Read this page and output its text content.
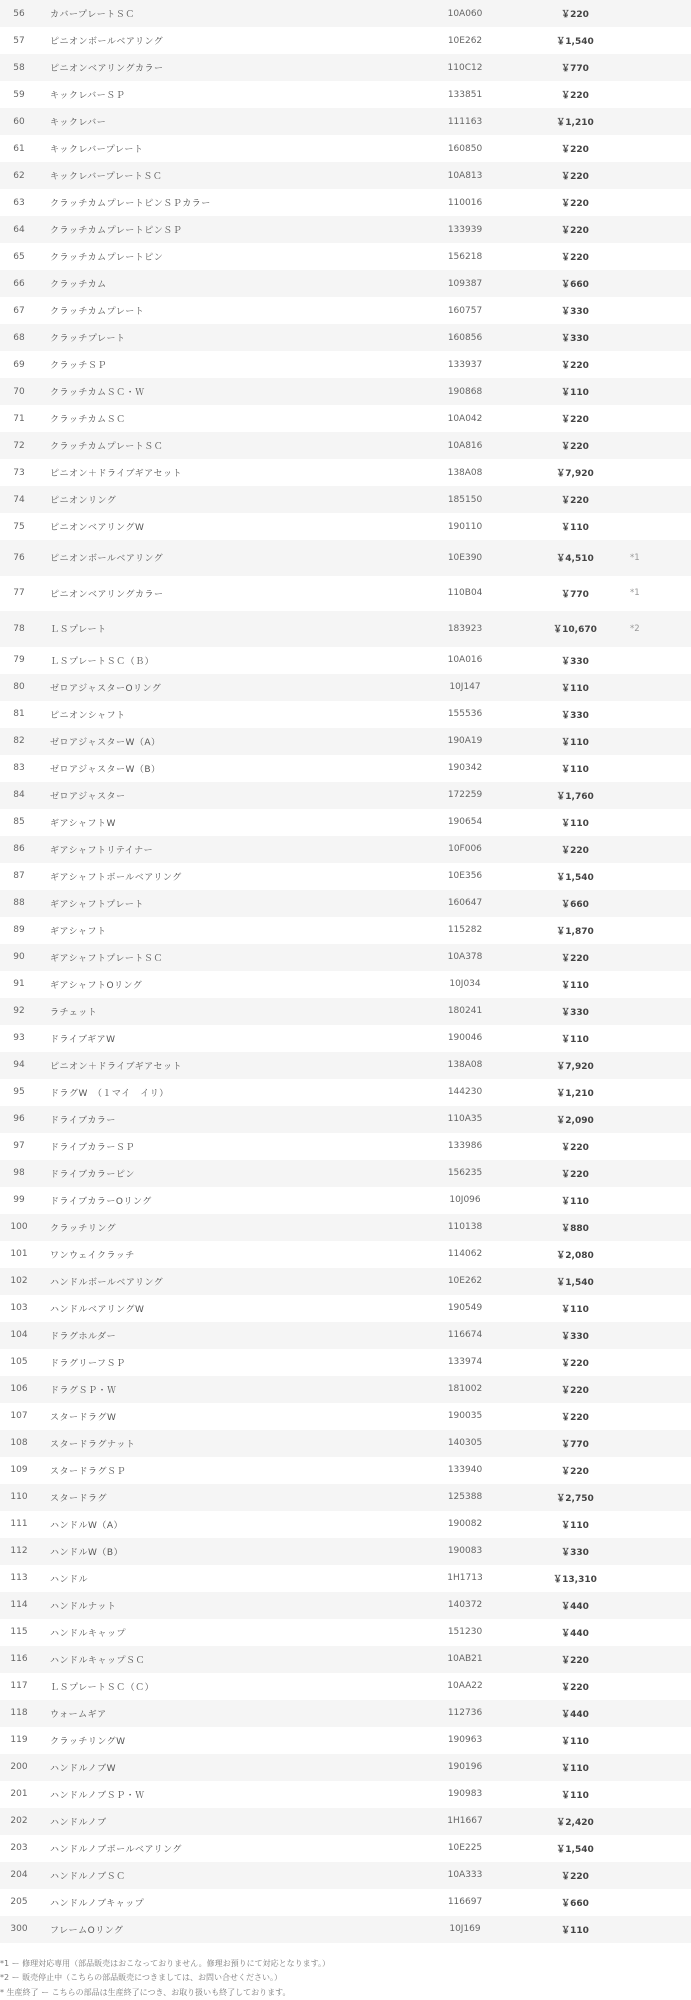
56	カバープレートＳＣ	10A060	￥220	
57	ピニオンボールベアリング	10E262	￥1,540	
58	ピニオンベアリングカラー	110C12	￥770	
59	キックレバーＳＰ	133851	￥220	
60	キックレバー	111163	￥1,210	
61	キックレバープレート	160850	￥220	
62	キックレバープレートＳＣ	10A813	￥220	
63	クラッチカムプレートピンＳＰカラー	110016	￥220	
64	クラッチカムプレートピンＳＰ	133939	￥220	
65	クラッチカムプレートピン	156218	￥220	
66	クラッチカム	109387	￥660	
67	クラッチカムプレート	160757	￥330	
68	クラッチプレート	160856	￥330	
69	クラッチＳＰ	133937	￥220	
70	クラッチカムＳＣ・Ｗ	190868	￥110	
71	クラッチカムＳＣ	10A042	￥220	
72	クラッチカムプレートＳＣ	10A816	￥220	
73	ピニオン＋ドライブギアセット	138A08	￥7,920	
74	ピニオンリング	185150	￥220	
75	ピニオンベアリングW	190110	￥110	
76	ピニオンボールベアリング	10E390	￥4,510	*1
77	ピニオンベアリングカラー	110B04	￥770	*1
78	ＬＳプレート	183923	￥10,670	*2
79	ＬＳプレートＳＣ（Ｂ）	10A016	￥330	
80	ゼロアジャスターOリング	10J147	￥110	
81	ピニオンシャフト	155536	￥330	
82	ゼロアジャスターW（A）	190A19	￥110	
83	ゼロアジャスターW（B）	190342	￥110	
84	ゼロアジャスター	172259	￥1,760	
85	ギアシャフトW	190654	￥110	
86	ギアシャフトリテイナー	10F006	￥220	
87	ギアシャフトボールベアリング	10E356	￥1,540	
88	ギアシャフトプレート	160647	￥660	
89	ギアシャフト	115282	￥1,870	
90	ギアシャフトプレートＳＣ	10A378	￥220	
91	ギアシャフトOリング	10J034	￥110	
92	ラチェット	180241	￥330	
93	ドライブギアW	190046	￥110	
94	ピニオン＋ドライブギアセット	138A08	￥7,920	
95	ドラグW　（１マイ　イリ）	144230	￥1,210	
96	ドライブカラー	110A35	￥2,090	
97	ドライブカラーＳＰ	133986	￥220	
98	ドライブカラーピン	156235	￥220	
99	ドライブカラーOリング	10J096	￥110	
100	クラッチリング	110138	￥880	
101	ワンウェイクラッチ	114062	￥2,080	
102	ハンドルボールベアリング	10E262	￥1,540	
103	ハンドルベアリングW	190549	￥110	
104	ドラグホルダー	116674	￥330	
105	ドラグリーフＳＰ	133974	￥220	
106	ドラグＳＰ・Ｗ	181002	￥220	
107	スタードラグW	190035	￥220	
108	スタードラグナット	140305	￥770	
109	スタードラグＳＰ	133940	￥220	
110	スタードラグ	125388	￥2,750	
111	ハンドルW（A）	190082	￥110	
112	ハンドルW（B）	190083	￥330	
113	ハンドル	1H1713	￥13,310	
114	ハンドルナット	140372	￥440	
115	ハンドルキャップ	151230	￥440	
116	ハンドルキャップＳＣ	10AB21	￥220	
117	ＬＳプレートＳＣ（Ｃ）	10AA22	￥220	
118	ウォームギア	112736	￥440	
119	クラッチリングW	190963	￥110	
200	ハンドルノブW	190196	￥110	
201	ハンドルノブＳＰ・Ｗ	190983	￥110	
202	ハンドルノブ	1H1667	￥2,420	
203	ハンドルノブボールベアリング	10E225	￥1,540	
204	ハンドルノブＳＣ	10A333	￥220	
205	ハンドルノブキャップ	116697	￥660	
300	フレームOリング	10J169	￥110	
*1 ー 修理対応専用（部品販売はおこなっておりません。修理お預りにて対応となります。）
*2 ー 販売停止中（こちらの部品販売につきましては、お問い合せください。）
* 生産終了 ー こちらの部品は生産終了につき、お取り扱いも終了しております。
